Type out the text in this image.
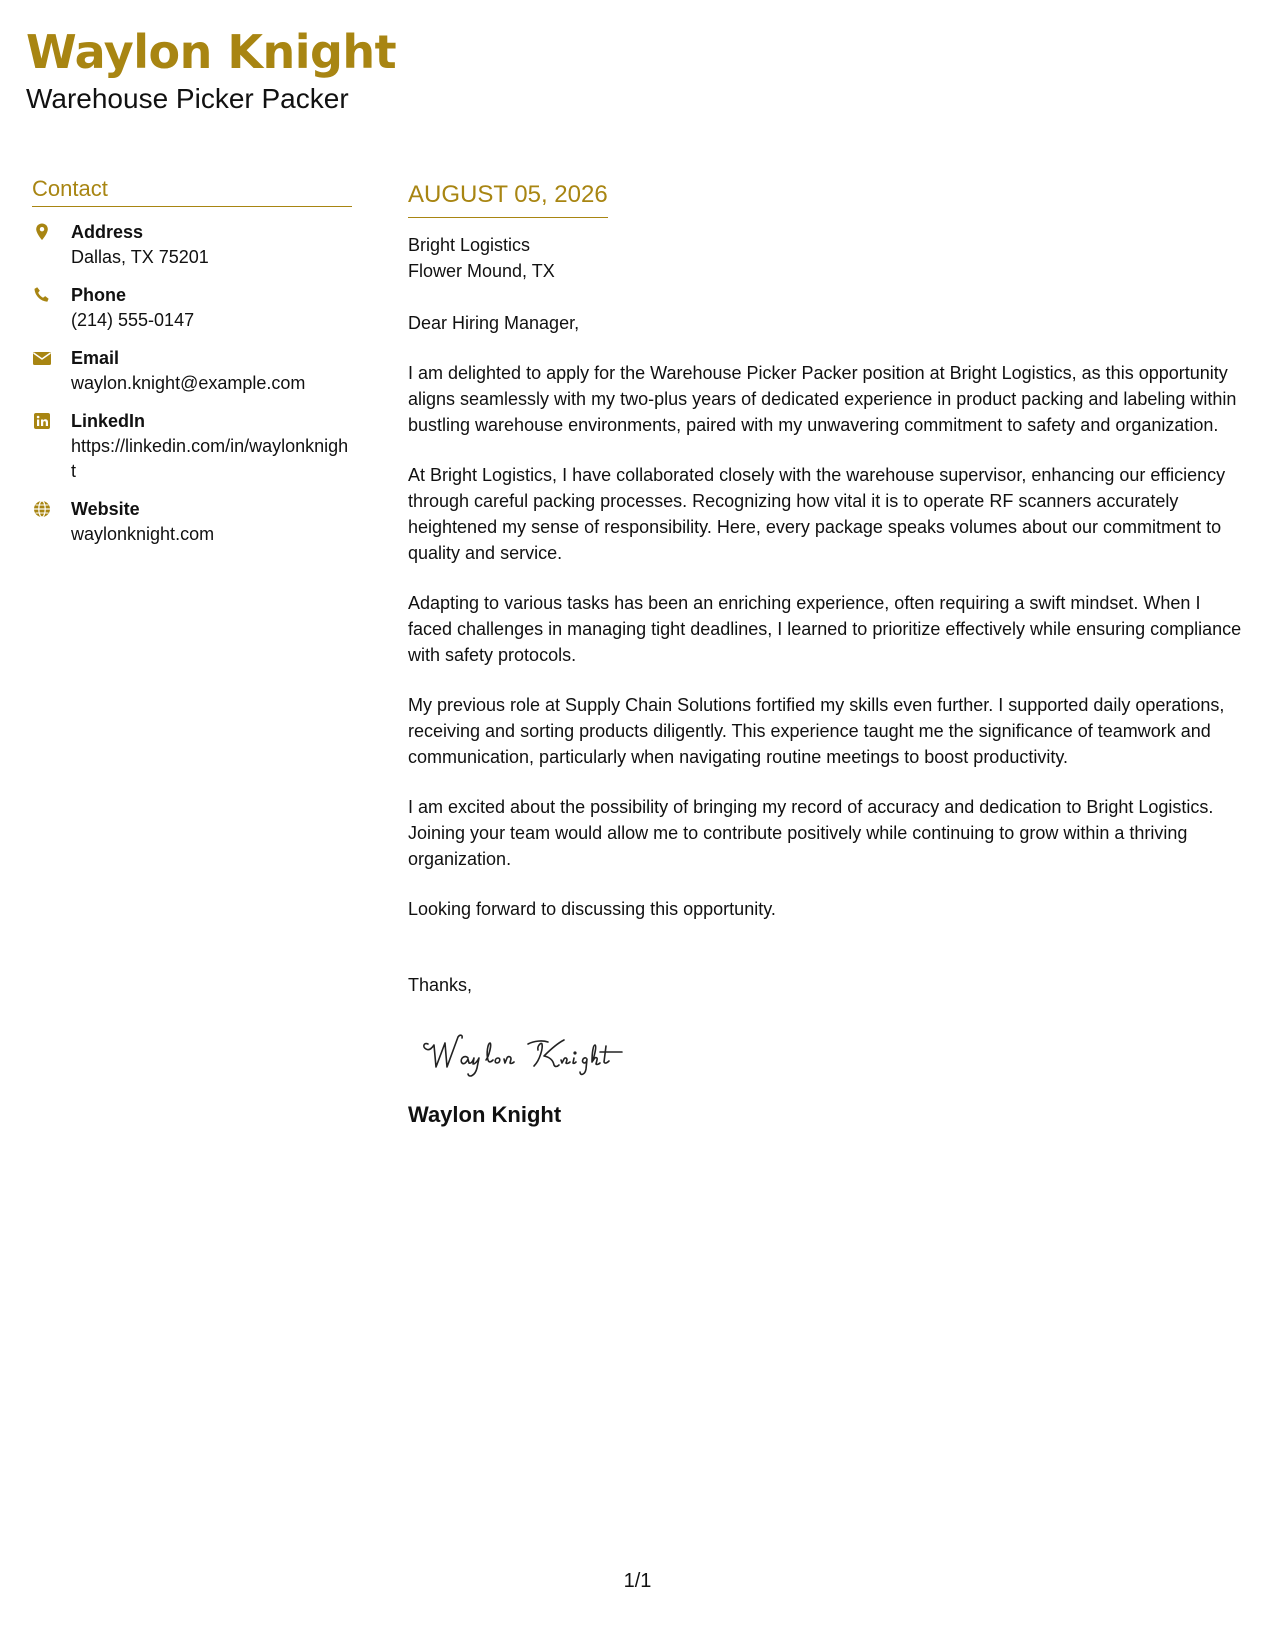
Waylon Knight
Warehouse Picker Packer
Contact
Address
Dallas, TX 75201
Phone
(214) 555-0147
Email
waylon.knight@example.com
LinkedIn
https://linkedin.com/in/waylonknight
Website
waylonknight.com
AUGUST 05, 2026
Bright Logistics
Flower Mound, TX
Dear Hiring Manager,
I am delighted to apply for the Warehouse Picker Packer position at Bright Logistics, as this opportunity aligns seamlessly with my two-plus years of dedicated experience in product packing and labeling within bustling warehouse environments, paired with my unwavering commitment to safety and organization.
At Bright Logistics, I have collaborated closely with the warehouse supervisor, enhancing our efficiency through careful packing processes. Recognizing how vital it is to operate RF scanners accurately heightened my sense of responsibility. Here, every package speaks volumes about our commitment to quality and service.
Adapting to various tasks has been an enriching experience, often requiring a swift mindset. When I faced challenges in managing tight deadlines, I learned to prioritize effectively while ensuring compliance with safety protocols.
My previous role at Supply Chain Solutions fortified my skills even further. I supported daily operations, receiving and sorting products diligently. This experience taught me the significance of teamwork and communication, particularly when navigating routine meetings to boost productivity.
I am excited about the possibility of bringing my record of accuracy and dedication to Bright Logistics. Joining your team would allow me to contribute positively while continuing to grow within a thriving organization.
Looking forward to discussing this opportunity.
Thanks,
Waylon Knight
1/1
